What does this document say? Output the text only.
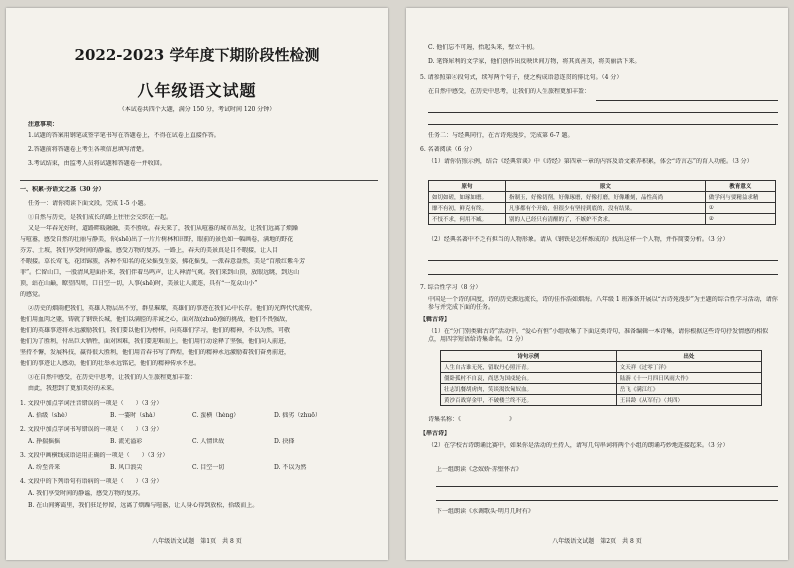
2022-2023 学年度下期阶段性检测
八年级语文试题
（本试卷共四个大题，满分 150 分，考试时间 120 分钟）
注意事项：
1.试题的答案用钢笔或签字笔书写在答题卷上，不得在试卷上直接作答。
2.答题前将答题卷上考生各项信息填写清楚。
3.考试结束，由监考人员将试题和答题卷一并收回。
一、积累·夯语文之基（30 分）
任务一：请你阅读下面文段，完成 1-5 小题。
①自然与历史，是我们成长的路上往往会交织在一起。
又是一年春光好时，道路畔暖融融，美不胜收。春天来了，我们从喧嚣的城市出发，让我们远离了烦躁
与喧嚣，感受自然的壮丽与静美，你(shē)出了一片片树林和田野，眼前的景色如一幅画卷，满地的野花
芬芳、土坡，我们享受时间的静谧，感受万物的复苏。一路上，春天的美景真是目不暇接，让人目
不暇接。草长莺飞，花团锦簇，各种不知名的花朵摇曳生姿，拂花摇曳，一派春意盎然，美是“百般红紫斗芳
菲”。伫留山口，一股清风迎面扑来，我们伴着鸟鸣声，让人神清气爽。我们来到山顶，放眼远眺，到达山
顶，站在山巅，瞭望四周，口日空一切，人事(shē)时，美景让人流连，具有“一览众山小”
的感觉。
②历史的烟雨把我们，英雄人物层出不穷，群星璀璨，英雄们的事迹在我们心中长存。他们的光辉代代流传，
他们用血肉之躯，铸就了钢铁长城，他们以满腔的赤诚之心，面对敌(zhuō)强的挑战，他们不畏强敌，
他们的英雄事迹将永远激励我们，我们要以他们为榜样，向英雄们学习，他们的精神，不以为然，可敬
他们为了胜利，付出巨大牺牲，面对困难，我们要迎难而上，他们用行动诠释了坚强，他们向人前进，
坚持不懈，发展科技，赢得很大胜利，他们用青春书写了辉煌，他们的精神永远激励着我们奋勇前进，
他们的事迹让人感动，他们的壮举永远铭记，他们的精神传承不息。
③在自然中感受，在历史中思考，让我们的人生旅程更加丰盈：
由此，我想到了更加美好的未来。
1. 文段中加点字词注音错误的一项是（　　）（3 分）
A. 拾级（shè）	B. 一霎时（shà）	C. 蛮横（hèng）	D. 拙劣（zhuō）
2. 文段中加点字词书写错误的一项是（　　）（3 分）
A. 挣揣摇摇	B. 流光溢彩	C. 人情世故	D. 抉择
3. 文段中画横线成语运用正确的一项是（　　）（3 分）
A. 纷至沓来	B. 风口浪尖	C. 目空一切	D. 不以为然
4. 文段中的下列语句有语病的一项是（　　）（3 分）
A. 我们享受时间的静谧，感受万物的复苏。
B. 在山间雾霭里，我们驻足停留，远离了烦躁与喧嚣，让人身心得到放松，拾级而上。
八年级语文试题　第1页　共 8 页
C. 他们忘不可遏，抬起头来，壁立千仞。
D. 笔锋犀利的文学家，他们创作出反映世间万物，将其真善美，将美丽活下来。
5. 请参照第④段句式，续写两个句子，使之构成语意连贯的排比句。（4 分）
在自然中感受，在历史中思考，让我们的人生旅程更加丰盈：
任务二：与经典同行，在古诗苑漫步，完成第 6-7 题。
6. 名著阅读（6 分）
（1）请你仿照示例，结合《经典常谈》中《诗经》第四章一章的内容及语文素养积累，体会“诗言志”的育人功能。（3 分）
原句	原文	教育意义
如切如磋，如琢如磨。	指制玉，好像切削，好像琢磨，好像打磨，好像雕刻，品性高尚	做学问与要精益求精
靡不有初，鲜克有终。	凡事都有个开始，但很少有坚持到底的，没有结果。	①
不忮不求，何用不臧。	别的人已经只有清醒的了，不嫉妒不贪求。	②
（2）经典名著中不乏有担当的人物形象。请从《钢铁是怎样炼成的》找出这样一个人物，并作简要分析。（3 分）
7. 综合性学习（8 分）
中国是一个诗的国度，诗的历史源远流长，诗的佳作浩如烟海。八年级 1 班准备开展以“古诗苑漫步”为主题的综合性学习活动，请你参与并完成下面的任务。
【辑古诗】
（1）在“分门别类辑古诗”活动中，“爱心有恒”小组收集了下面这类诗句，准备编辑一本诗集，请你根据这些诗句抒发情感的相似点，用四字短语给诗集命名。（2 分）
诗句示例	出处
人生自古谁无死，留取丹心照汗青。	文天祥《过零丁洋》
僵卧孤村不自哀，尚思为国戍轮台。	陆游《十一月四日风雨大作》
壮志饥餐胡虏肉，笑谈渴饮匈奴血。	岳飞《满江红》
黄沙百战穿金甲，不破楼兰终不还。	王昌龄《从军行》（其四）
诗集名称：《　　　　　　　　》
【串古诗】
（2）在学校古诗朗诵比赛中，如果你是活动的主持人，请写几句串词将两个小组的朗诵巧妙地连接起来。（3 分）
上一组朗读《念奴娇·赤壁怀古》
下一组朗读《水调歌头·明月几时有》
八年级语文试题　第2页　共 8 页
